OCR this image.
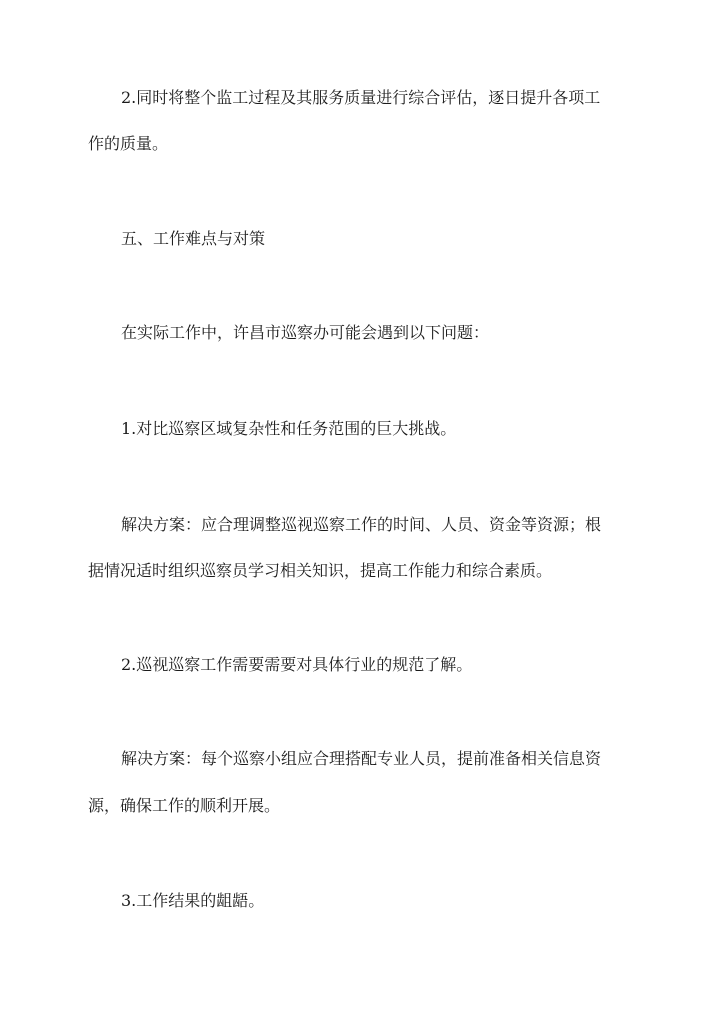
2.同时将整个监工过程及其服务质量进行综合评估，逐日提升各项工
作的质量。
五、工作难点与对策
在实际工作中，许昌市巡察办可能会遇到以下问题：
1.对比巡察区域复杂性和任务范围的巨大挑战。
解决方案：应合理调整巡视巡察工作的时间、人员、资金等资源；根
据情况适时组织巡察员学习相关知识，提高工作能力和综合素质。
2.巡视巡察工作需要需要对具体行业的规范了解。
解决方案：每个巡察小组应合理搭配专业人员，提前准备相关信息资
源，确保工作的顺利开展。
3.工作结果的龃龉。
